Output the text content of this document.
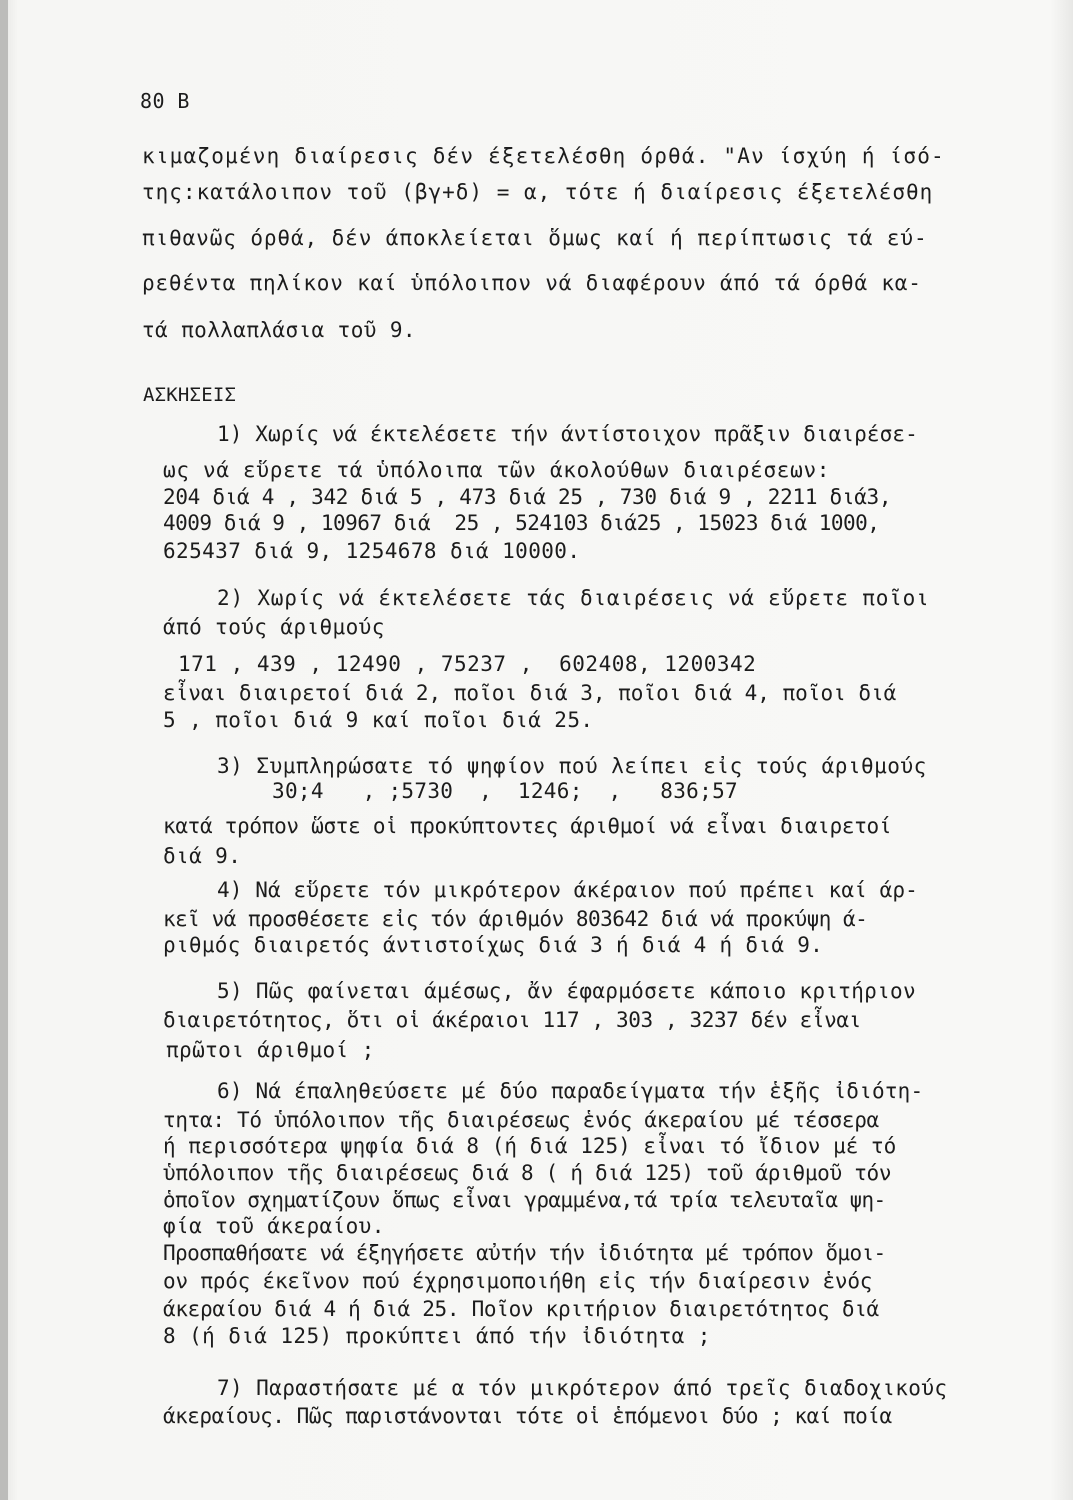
80 B
κιμαζομένη διαίρεσις δέν έξετελέσθη όρθά. "Αν ίσχύη ή ίσό-
της:κατάλοιπον τοῦ (βγ+δ) = α, τότε ή διαίρεσις έξετελέσθη
πιθανῶς όρθά, δέν άποκλείεται ὅμως καί ή περίπτωσις τά εύ-
ρεθέντα πηλίκον καί ὑπόλοιπον νά διαφέρουν άπό τά όρθά κα-
τά πολλαπλάσια τοῦ 9.
ΑΣΚΗΣΕΙΣ
1) Χωρίς νά έκτελέσετε τήν άντίστοιχον πρᾶξιν διαιρέσε-
ως νά εὕρετε τά ὑπόλοιπα τῶν άκολούθων διαιρέσεων:
204 διά 4 , 342 διά 5 , 473 διά 25 , 730 διά 9 , 2211 διά3,
4009 διά 9 , 10967 διά  25 , 524103 διά25 , 15023 διά 1000,
625437 διά 9, 1254678 διά 10000.
2) Χωρίς νά έκτελέσετε τάς διαιρέσεις νά εὕρετε ποῖοι
άπό τούς άριθμούς
171 , 439 , 12490 , 75237 ,  602408, 1200342
εἶναι διαιρετοί διά 2, ποῖοι διά 3, ποῖοι διά 4, ποῖοι διά
5 , ποῖοι διά 9 καί ποῖοι διά 25.
3) Συμπληρώσατε τό ψηφίον πού λείπει εἰς τούς άριθμούς
30;4   , ;5730  ,  1246;  ,   836;57
κατά τρόπον ὥστε οἱ προκύπτοντες άριθμοί νά εἶναι διαιρετοί
διά 9.
4) Νά εὕρετε τόν μικρότερον άκέραιον πού πρέπει καί άρ-
κεῖ νά προσθέσετε εἰς τόν άριθμόν 803642 διά νά προκύψη ά-
ριθμός διαιρετός άντιστοίχως διά 3 ή διά 4 ή διά 9.
5) Πῶς φαίνεται άμέσως, ἄν έφαρμόσετε κάποιο κριτήριον
διαιρετότητος, ὅτι οἱ άκέραιοι 117 , 303 , 3237 δέν εἶναι
πρῶτοι άριθμοί ;
6) Νά έπαληθεύσετε μέ δύο παραδείγματα τήν ἑξῆς ἰδιότη-
τητα: Τό ὑπόλοιπον τῆς διαιρέσεως ἑνός άκεραίου μέ τέσσερα
ή περισσότερα ψηφία διά 8 (ή διά 125) εἶναι τό ἴδιον μέ τό
ὑπόλοιπον τῆς διαιρέσεως διά 8 ( ή διά 125) τοῦ άριθμοῦ τόν
ὁποῖον σχηματίζουν ὅπως εἶναι γραμμένα,τά τρία τελευταῖα ψη-
φία τοῦ άκεραίου.
Προσπαθήσατε νά έξηγήσετε αὐτήν τήν ἰδιότητα μέ τρόπον ὅμοι-
ον πρός έκεῖνον πού έχρησιμοποιήθη εἰς τήν διαίρεσιν ἑνός
άκεραίου διά 4 ή διά 25. Ποῖον κριτήριον διαιρετότητος διά
8 (ή διά 125) προκύπτει άπό τήν ἰδιότητα ;
7) Παραστήσατε μέ α τόν μικρότερον άπό τρεῖς διαδοχικούς
άκεραίους. Πῶς παριστάνονται τότε οἱ ἑπόμενοι δύο ; καί ποία
